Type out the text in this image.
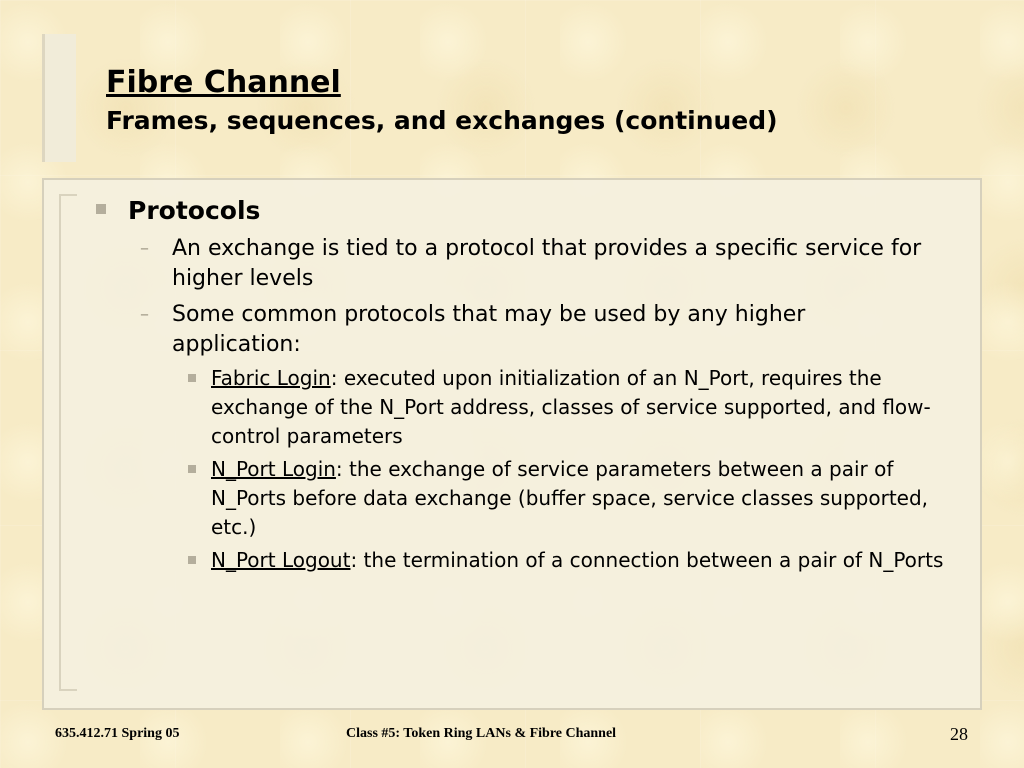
Fibre Channel
Frames, sequences, and exchanges (continued)
Protocols
–	An exchange is tied to a protocol that provides a specific service for higher levels
–	Some common protocols that may be used by any higher application:
Fabric Login: executed upon initialization of an N_Port, requires the exchange of the N_Port address, classes of service supported, and flow-control parameters
N_Port Login: the exchange of service parameters between a pair of N_Ports before data exchange (buffer space, service classes supported, etc.)
N_Port Logout: the termination of a connection between a pair of N_Ports
635.412.71 Spring 05	Class #5: Token Ring LANs & Fibre Channel	28
